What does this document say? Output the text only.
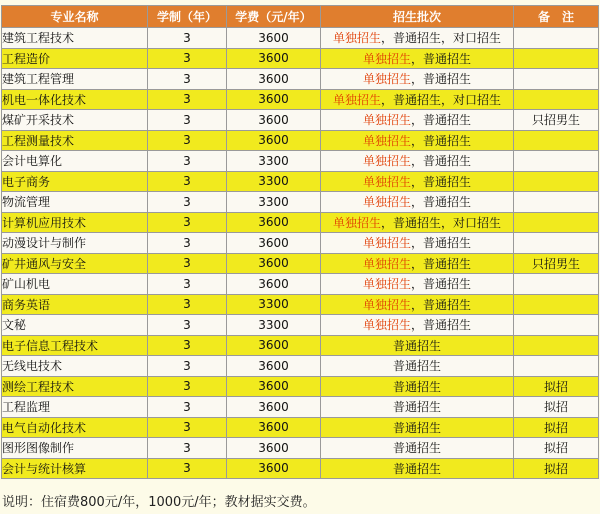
专业名称	学制（年）	学费（元/年）	招生批次	备　注
建筑工程技术	3	3600	单独招生，普通招生，对口招生	
工程造价	3	3600	单独招生，普通招生	
建筑工程管理	3	3600	单独招生，普通招生	
机电一体化技术	3	3600	单独招生，普通招生，对口招生	
煤矿开采技术	3	3600	单独招生，普通招生	只招男生
工程测量技术	3	3600	单独招生，普通招生	
会计电算化	3	3300	单独招生，普通招生	
电子商务	3	3300	单独招生，普通招生	
物流管理	3	3300	单独招生，普通招生	
计算机应用技术	3	3600	单独招生，普通招生，对口招生	
动漫设计与制作	3	3600	单独招生，普通招生	
矿井通风与安全	3	3600	单独招生，普通招生	只招男生
矿山机电	3	3600	单独招生，普通招生	
商务英语	3	3300	单独招生，普通招生	
文秘	3	3300	单独招生，普通招生	
电子信息工程技术	3	3600	普通招生	
无线电技术	3	3600	普通招生	
测绘工程技术	3	3600	普通招生	拟招
工程监理	3	3600	普通招生	拟招
电气自动化技术	3	3600	普通招生	拟招
图形图像制作	3	3600	普通招生	拟招
会计与统计核算	3	3600	普通招生	拟招
说明：住宿费800元/年，1000元/年；教材据实交费。
